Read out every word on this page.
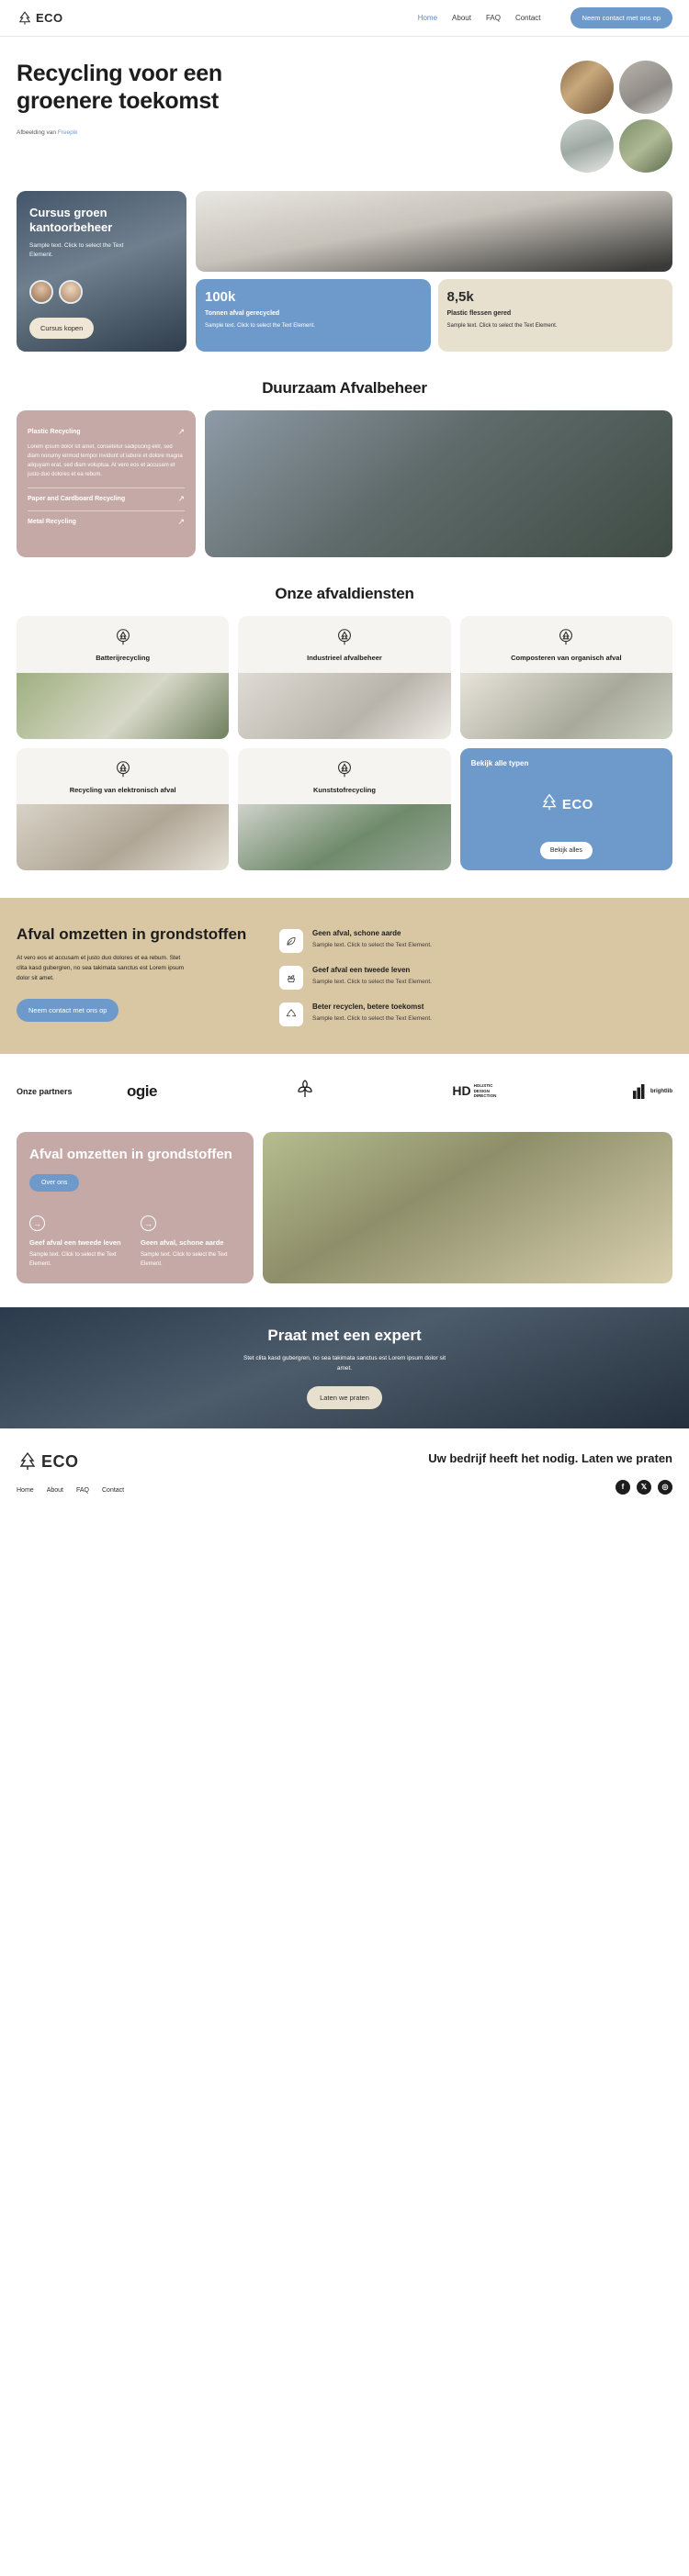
ECO	Home About FAQ Contact	Neem contact met ons op
Recycling voor een groenere toekomst
Afbeelding van Freepik
Cursus groen kantoorbeheer

Sample text. Click to select the Text Element.

Cursus kopen
100k
Tonnen afval gerecycled
Sample text. Click to select the Text Element.
8,5k
Plastic flessen gered
Sample text. Click to select the Text Element.
Duurzaam Afvalbeheer
Plastic Recycling	↗
Lorem ipsum dolor sit amet, consetetur sadipscing elitr, sed diam nonumy eirmod tempor invidunt ut labore et dolore magna aliquyam erat, sed diam voluptua. At vero eos et accusam et justo duo dolores et ea rebum.
Paper and Cardboard Recycling	↗
Metal Recycling	↗
Onze afvaldiensten
Batterijrecycling	Industrieel afvalbeheer	Composteren van organisch afval
Recycling van elektronisch afval	Kunststofrecycling
Bekijk alle typen
ECO
Bekijk alles
Afval omzetten in grondstoffen

At vero eos et accusam et justo duo dolores et ea rebum. Stet clita kasd gubergren, no sea takimata sanctus est Lorem ipsum dolor sit amet.

Neem contact met ons op
Geen afval, schone aarde
Sample text. Click to select the Text Element.
Geef afval een tweede leven
Sample text. Click to select the Text Element.
Beter recyclen, betere toekomst
Sample text. Click to select the Text Element.
Onze partners	ogie	HD HOLISTIC
DESIGN
DIRECTION
brightlib
Afval omzetten in grondstoffen
Over ons
→
Geef afval een tweede leven

Sample text. Click to select the Text Element.

→
Geen afval, schone aarde

Sample text. Click to select the Text Element.

Praat met een expert

Stet clita kasd gubergren, no sea takimata sanctus est Lorem ipsum dolor sit amet.

Laten we praten
ECO
Home About FAQ Contact
Uw bedrijf heeft het nodig. Laten we praten
f	𝕏	◎
